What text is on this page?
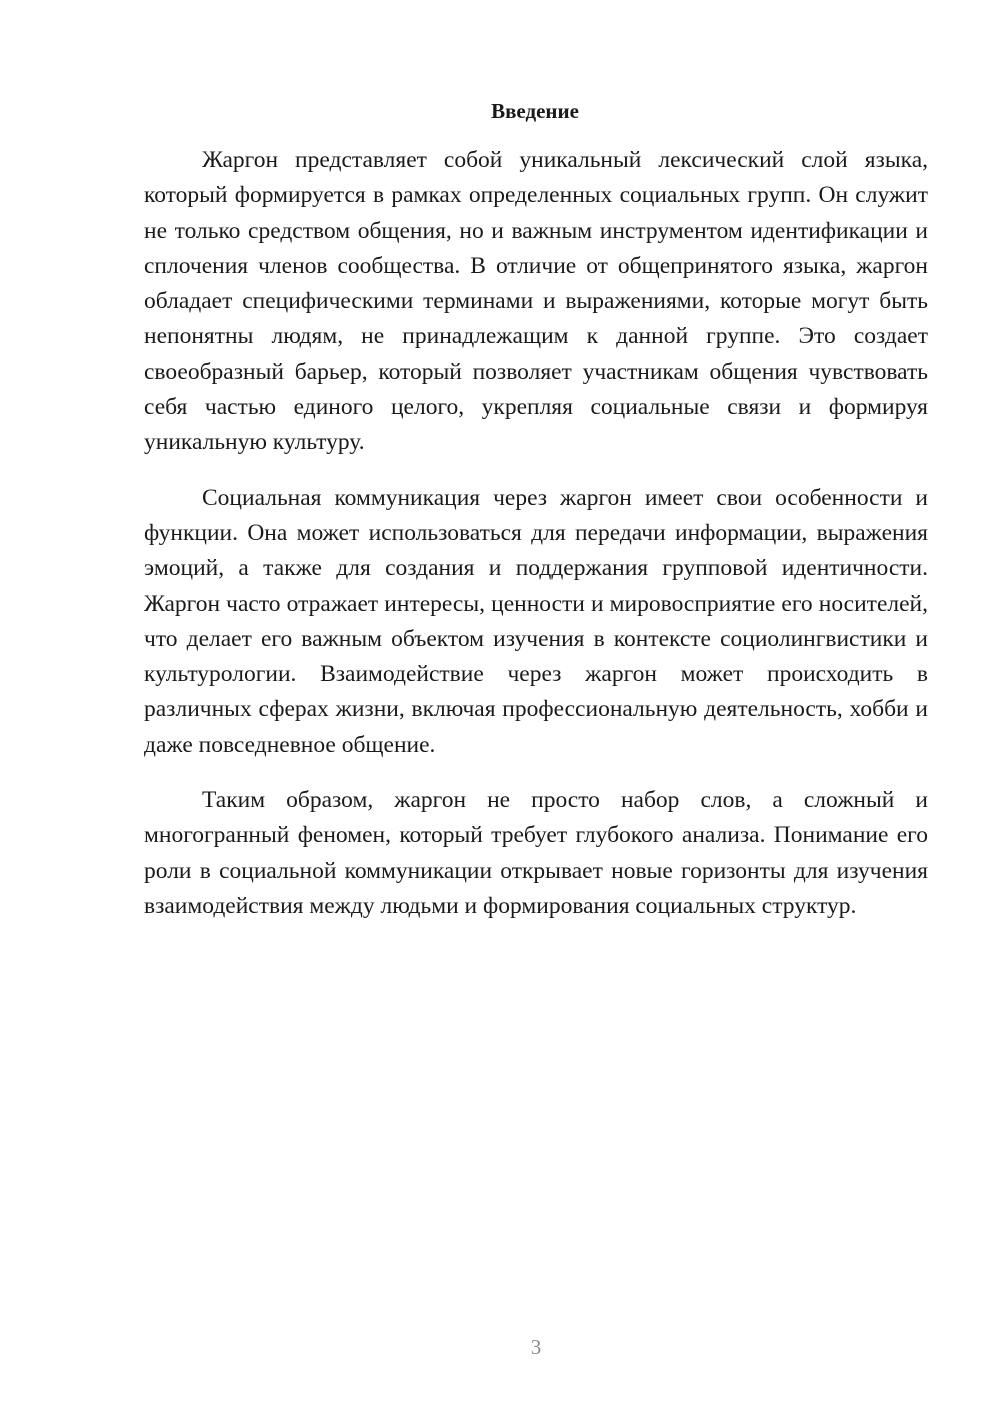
Введение

Жаргон представляет собой уникальный лексический слой языка, который формируется в рамках определенных социальных групп. Он служит не только средством общения, но и важным инструментом идентификации и сплочения членов сообщества. В отличие от общепринятого языка, жаргон обладает специфическими терминами и выражениями, которые могут быть непонятны людям, не принадлежащим к данной группе. Это создает своеобразный барьер, который позволяет участникам общения чувствовать себя частью единого целого, укрепляя социальные связи и формируя уникальную культуру.

Социальная коммуникация через жаргон имеет свои особенности и функции. Она может использоваться для передачи информации, выражения эмоций, а также для создания и поддержания групповой идентичности. Жаргон часто отражает интересы, ценности и мировосприятие его носителей, что делает его важным объектом изучения в контексте социолингвистики и культурологии. Взаимодействие через жаргон может происходить в различных сферах жизни, включая профессиональную деятельность, хобби и даже повседневное общение.

Таким образом, жаргон не просто набор слов, а сложный и многогранный феномен, который требует глубокого анализа. Понимание его роли в социальной коммуникации открывает новые горизонты для изучения взаимодействия между людьми и формирования социальных структур.

3
